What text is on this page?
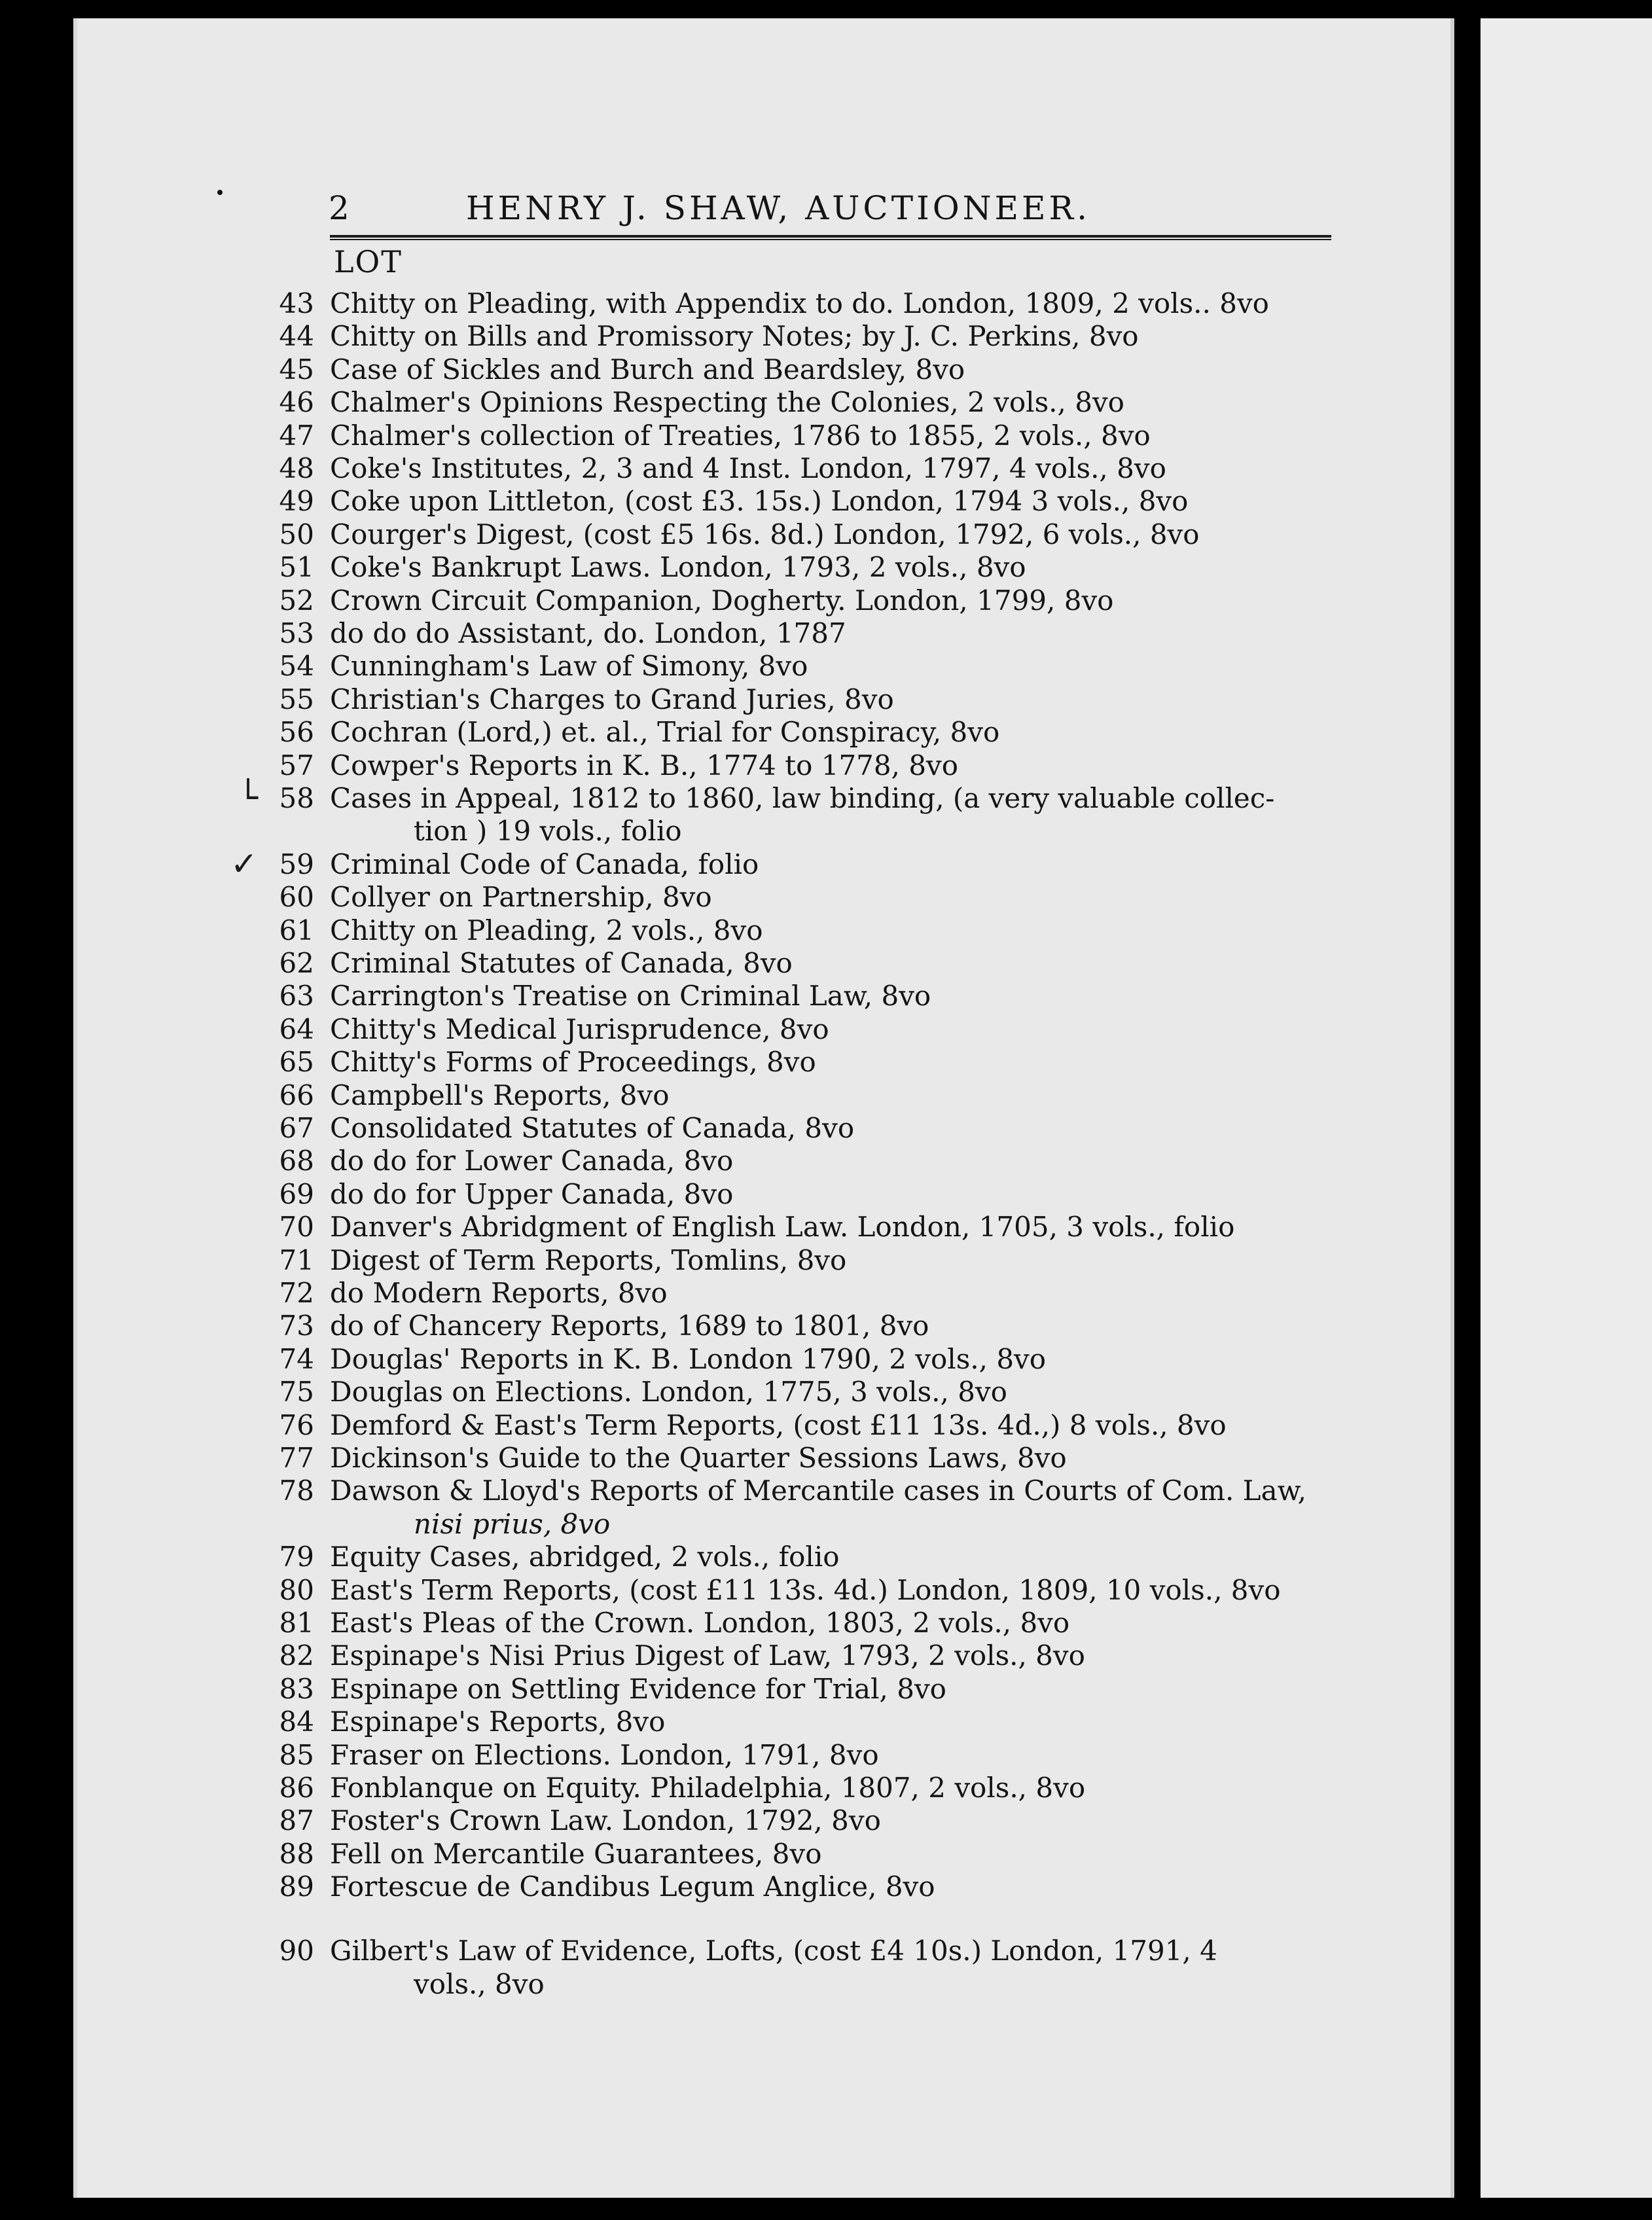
2	HENRY J. SHAW, AUCTIONEER.
LOT
43 Chitty on Pleading, with Appendix to do. London, 1809, 2 vols.. 8vo
44 Chitty on Bills and Promissory Notes; by J. C. Perkins, 8vo
45 Case of Sickles and Burch and Beardsley, 8vo
46 Chalmer's Opinions Respecting the Colonies, 2 vols., 8vo
47 Chalmer's collection of Treaties, 1786 to 1855, 2 vols., 8vo
48 Coke's Institutes, 2, 3 and 4 Inst. London, 1797, 4 vols., 8vo
49 Coke upon Littleton, (cost £3. 15s.) London, 1794 3 vols., 8vo
50 Courger's Digest, (cost £5 16s. 8d.) London, 1792, 6 vols., 8vo
51 Coke's Bankrupt Laws. London, 1793, 2 vols., 8vo
52 Crown Circuit Companion, Dogherty. London, 1799, 8vo
53 do do do Assistant, do. London, 1787
54 Cunningham's Law of Simony, 8vo
55 Christian's Charges to Grand Juries, 8vo
56 Cochran (Lord,) et. al., Trial for Conspiracy, 8vo
57 Cowper's Reports in K. B., 1774 to 1778, 8vo
58 Cases in Appeal, 1812 to 1860, law binding, (a very valuable collec-
└
tion ) 19 vols., folio
59 Criminal Code of Canada, folio
✓
60 Collyer on Partnership, 8vo
61 Chitty on Pleading, 2 vols., 8vo
62 Criminal Statutes of Canada, 8vo
63 Carrington's Treatise on Criminal Law, 8vo
64 Chitty's Medical Jurisprudence, 8vo
65 Chitty's Forms of Proceedings, 8vo
66 Campbell's Reports, 8vo
67 Consolidated Statutes of Canada, 8vo
68 do do for Lower Canada, 8vo
69 do do for Upper Canada, 8vo
70 Danver's Abridgment of English Law. London, 1705, 3 vols., folio
71 Digest of Term Reports, Tomlins, 8vo
72 do Modern Reports, 8vo
73 do of Chancery Reports, 1689 to 1801, 8vo
74 Douglas' Reports in K. B. London 1790, 2 vols., 8vo
75 Douglas on Elections. London, 1775, 3 vols., 8vo
76 Demford & East's Term Reports, (cost £11 13s. 4d.,) 8 vols., 8vo
77 Dickinson's Guide to the Quarter Sessions Laws, 8vo
78 Dawson & Lloyd's Reports of Mercantile cases in Courts of Com. Law,
nisi prius, 8vo
79 Equity Cases, abridged, 2 vols., folio
80 East's Term Reports, (cost £11 13s. 4d.) London, 1809, 10 vols., 8vo
81 East's Pleas of the Crown. London, 1803, 2 vols., 8vo
82 Espinape's Nisi Prius Digest of Law, 1793, 2 vols., 8vo
83 Espinape on Settling Evidence for Trial, 8vo
84 Espinape's Reports, 8vo
85 Fraser on Elections. London, 1791, 8vo
86 Fonblanque on Equity. Philadelphia, 1807, 2 vols., 8vo
87 Foster's Crown Law. London, 1792, 8vo
88 Fell on Mercantile Guarantees, 8vo
89 Fortescue de Candibus Legum Anglice, 8vo
90 Gilbert's Law of Evidence, Lofts, (cost £4 10s.) London, 1791, 4
vols., 8vo
